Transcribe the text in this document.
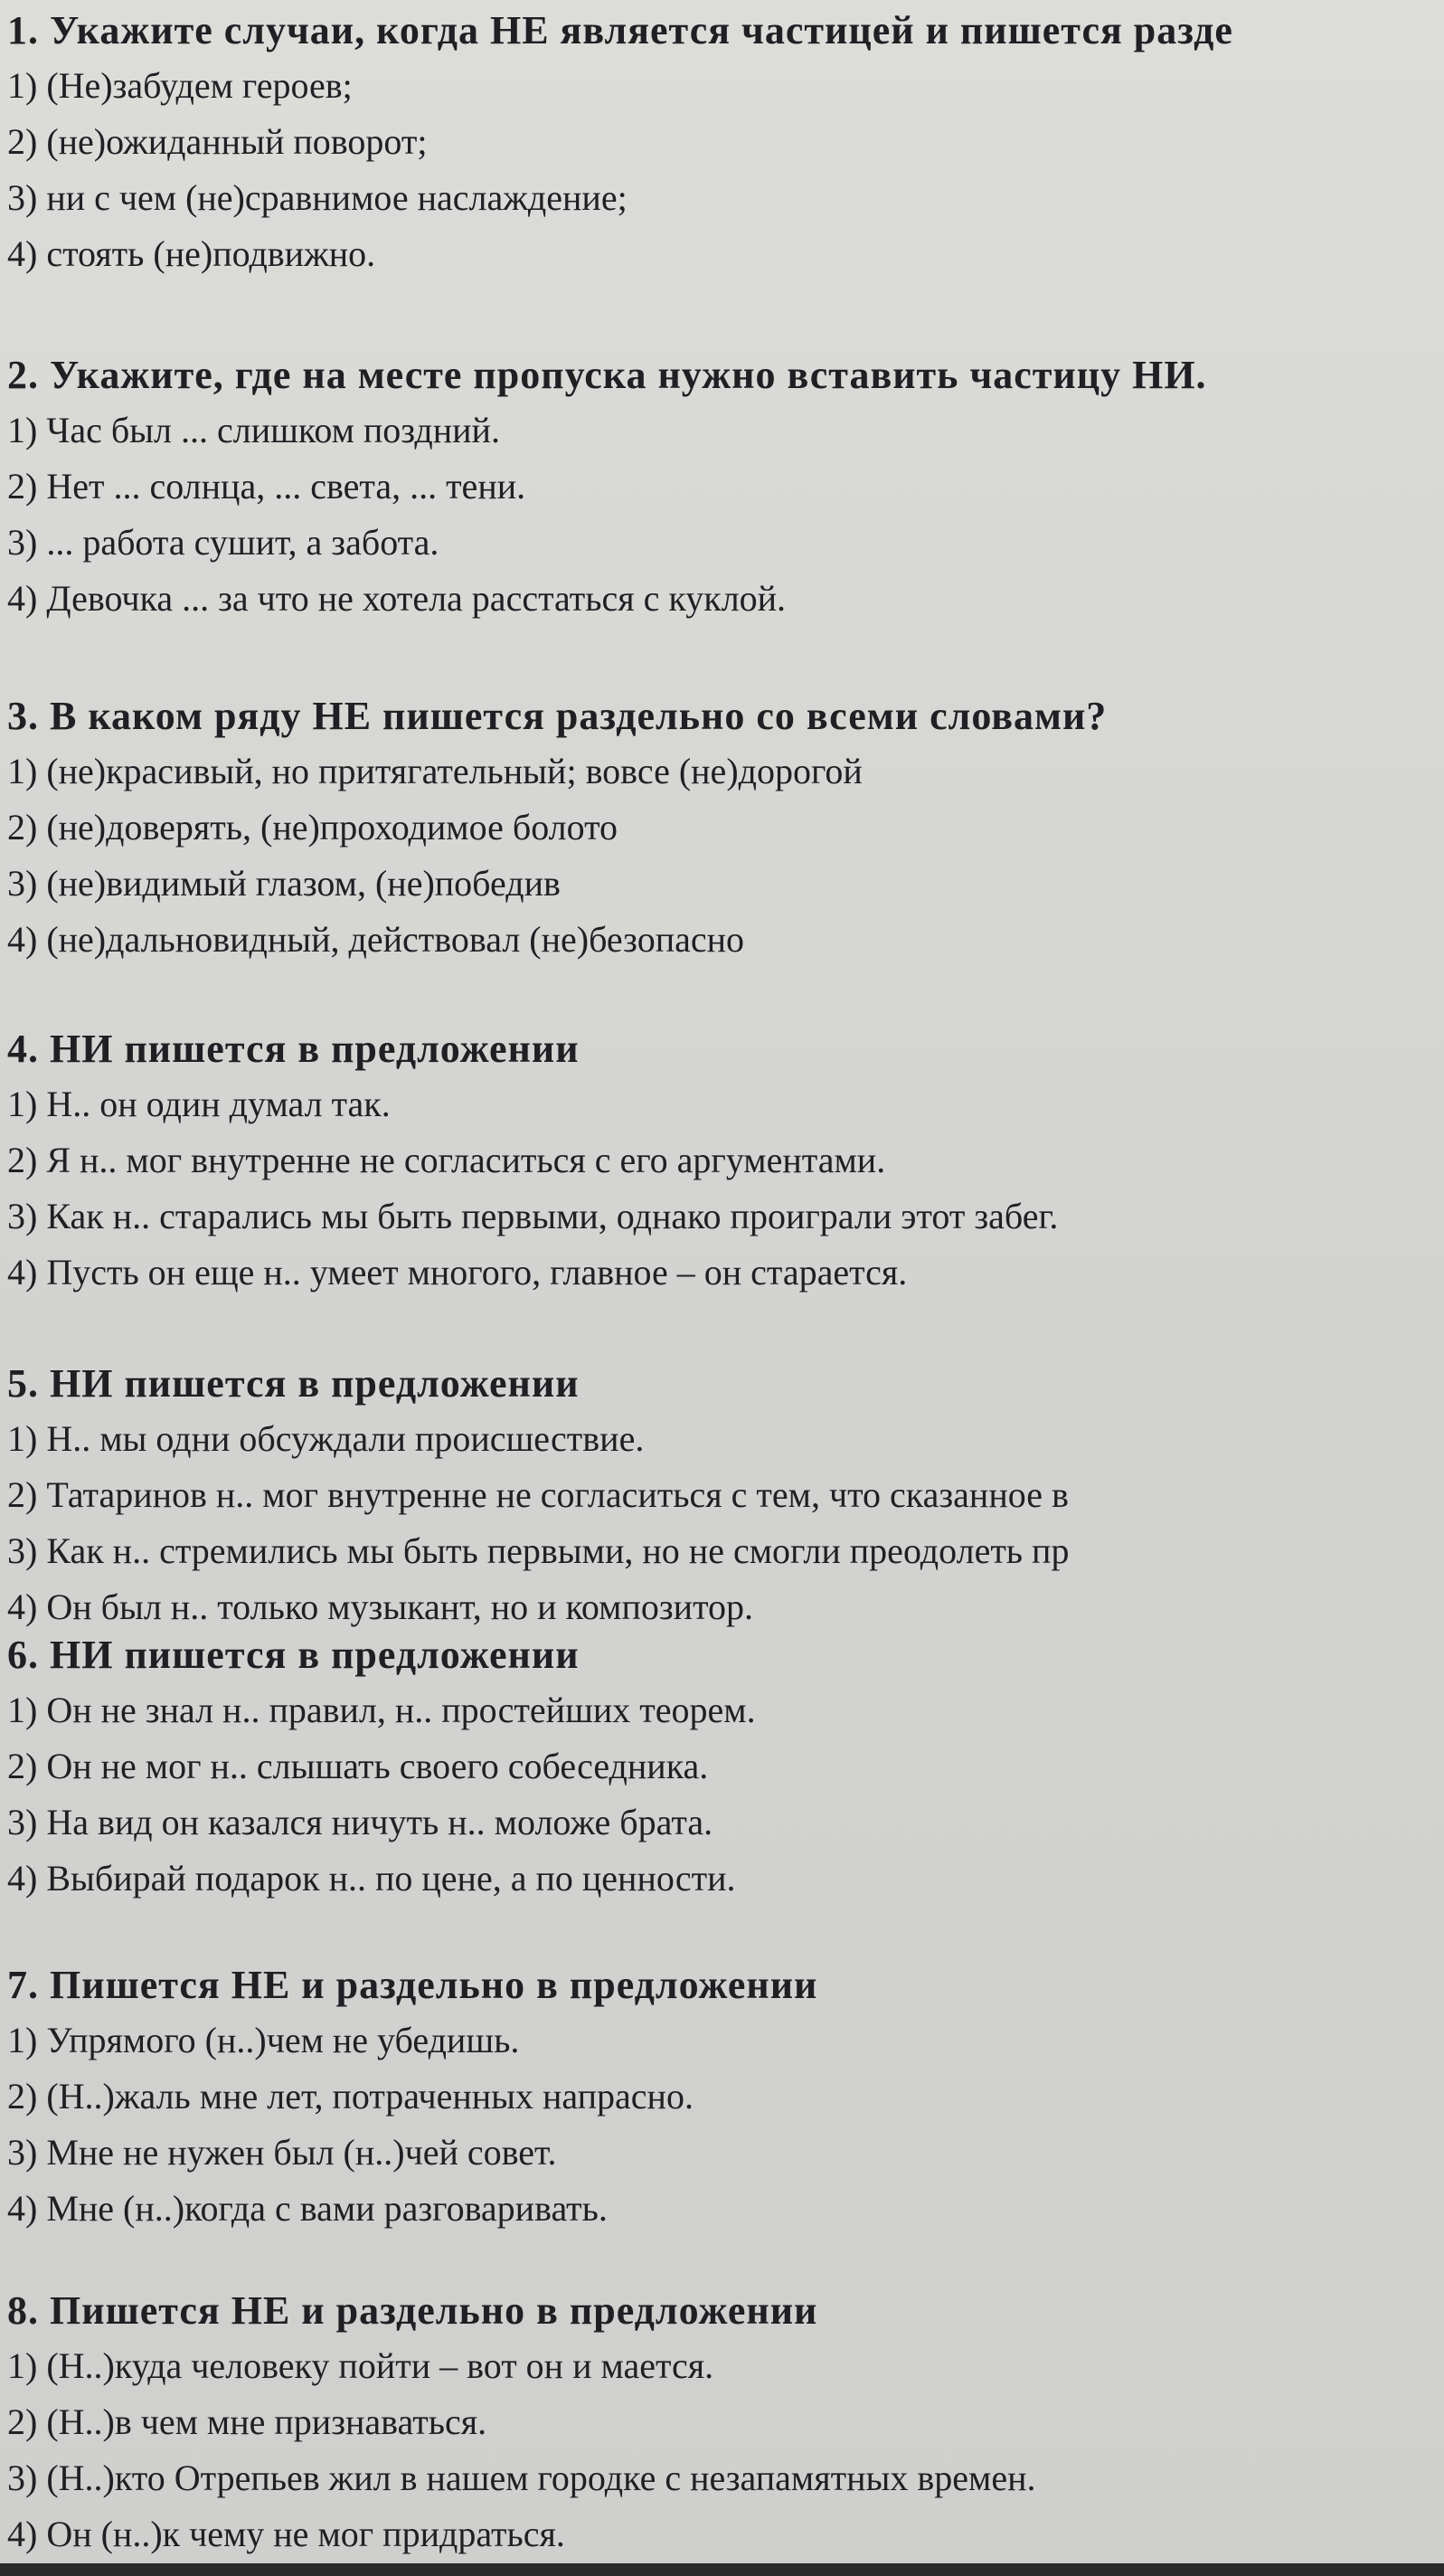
1. Укажите случаи, когда НЕ является частицей и пишется разде
1) (Не)забудем героев;
2) (не)ожиданный поворот;
3) ни с чем (не)сравнимое наслаждение;
4) стоять (не)подвижно.
2. Укажите, где на месте пропуска нужно вставить частицу НИ.
1) Час был ... слишком поздний.
2) Нет ... солнца, ... света, ... тени.
3) ... работа сушит, а забота.
4) Девочка ... за что не хотела расстаться с куклой.
3. В каком ряду НЕ пишется раздельно со всеми словами?
1) (не)красивый, но притягательный; вовсе (не)дорогой
2) (не)доверять, (не)проходимое болото
3) (не)видимый глазом, (не)победив
4) (не)дальновидный, действовал (не)безопасно
4. НИ пишется в предложении
1) Н.. он один думал так.
2) Я н.. мог внутренне не согласиться с его аргументами.
3) Как н.. старались мы быть первыми, однако проиграли этот забег.
4) Пусть он еще н.. умеет многого, главное – он старается.
5. НИ пишется в предложении
1) Н.. мы одни обсуждали происшествие.
2) Татаринов н.. мог внутренне не согласиться с тем, что сказанное в
3) Как н.. стремились мы быть первыми, но не смогли преодолеть пр
4) Он был н.. только музыкант, но и композитор.
6. НИ пишется в предложении
1) Он не знал н.. правил, н.. простейших теорем.
2) Он не мог н.. слышать своего собеседника.
3) На вид он казался ничуть н.. моложе брата.
4) Выбирай подарок н.. по цене, а по ценности.
7. Пишется НЕ и раздельно в предложении
1) Упрямого (н..)чем не убедишь.
2) (Н..)жаль мне лет, потраченных напрасно.
3) Мне не нужен был (н..)чей совет.
4) Мне (н..)когда с вами разговаривать.
8. Пишется НЕ и раздельно в предложении
1) (Н..)куда человеку пойти – вот он и мается.
2) (Н..)в чем мне признаваться.
3) (Н..)кто Отрепьев жил в нашем городке с незапамятных времен.
4) Он (н..)к чему не мог придраться.
